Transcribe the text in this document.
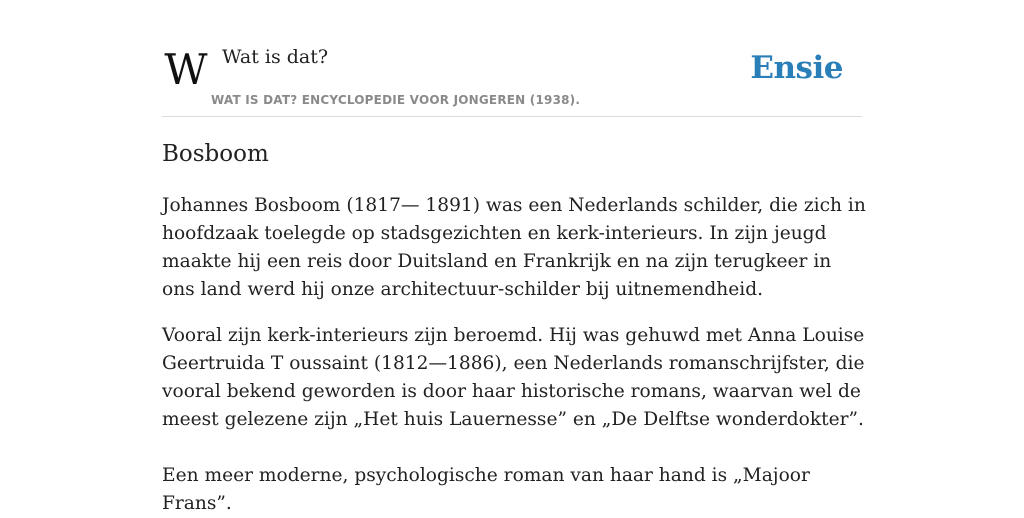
W Wat is dat?
WAT IS DAT? ENCYCLOPEDIE VOOR JONGEREN (1938).
Ensie
Bosboom

Johannes Bosboom (1817— 1891) was een Nederlands schilder, die zich in hoofdzaak toelegde op stadsgezichten en kerk-interieurs. In zijn jeugd maakte hij een reis door Duitsland en Frankrijk en na zijn terugkeer in ons land werd hij onze architectuur-schilder bij uitnemendheid.

Vooral zijn kerk-interieurs zijn beroemd. Hij was gehuwd met Anna Louise Geertruida T oussaint (1812—1886), een Nederlands romanschrijfster, die vooral bekend geworden is door haar historische romans, waarvan wel de meest gelezene zijn „Het huis Lauernesse” en „De Delftse wonderdokter”.

Een meer moderne, psychologische roman van haar hand is „Majoor Frans”.
